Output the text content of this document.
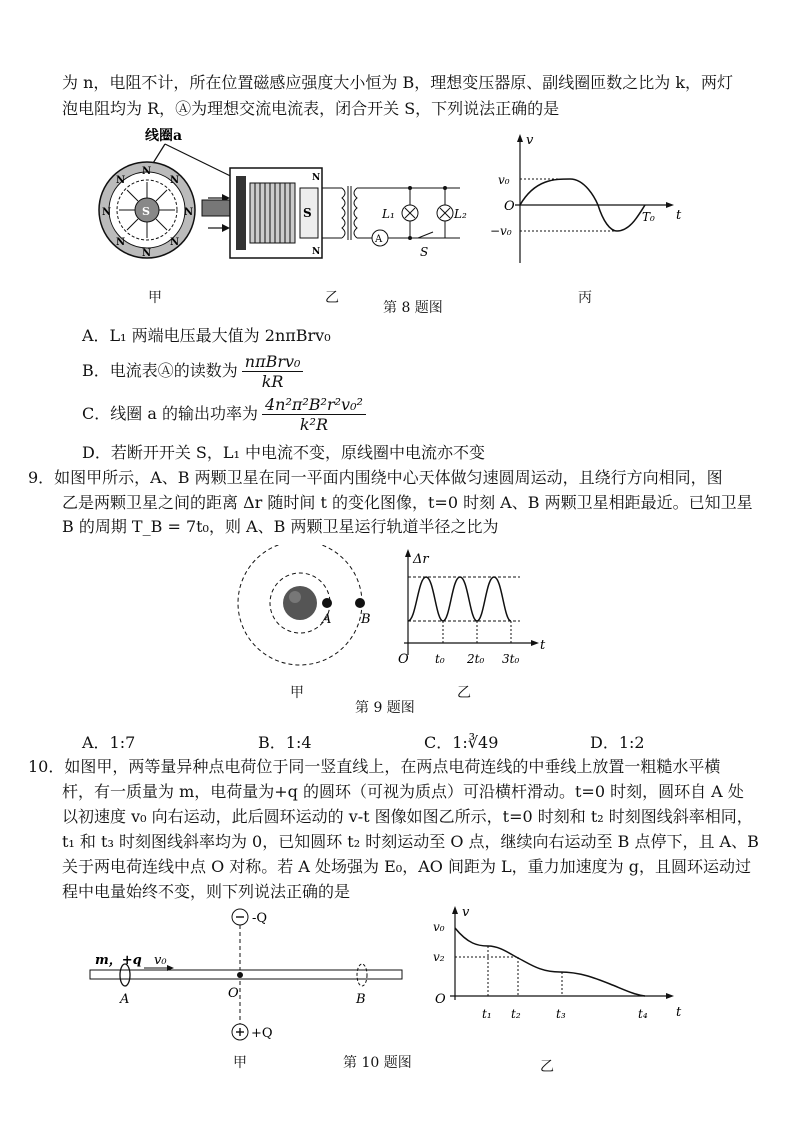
为 n，电阻不计，所在位置磁感应强度大小恒为 B，理想变压器原、副线圈匝数之比为 k，两灯
泡电阻均为 R，Ⓐ为理想交流电流表，闭合开关 S，下列说法正确的是
线圈a
S
N
N
N	N
N	N
N	N
S
N
N
A
L₁	L₂
S
v
t
v₀
−v₀
O
T₀
甲	乙	丙
第 8 题图
A．L₁ 两端电压最大值为 2nπBrv₀
B．电流表Ⓐ的读数为 $\frac{\text{nπBrv₀}}{kR}$
C．线圈 a 的输出功率为 $\frac{\text{4n²π²B²r²v₀²}}{\text{k²R}}$
D．若断开开关 S，L₁ 中电流不变，原线圈中电流亦不变
9．如图甲所示，A、B 两颗卫星在同一平面内围绕中心天体做匀速圆周运动，且绕行方向相同，图
乙是两颗卫星之间的距离 Δr 随时间 t 的变化图像，t=0 时刻 A、B 两颗卫星相距最近。已知卫星
B 的周期 T_B = 7t₀，则 A、B 两颗卫星运行轨道半径之比为
A B
Δr
t
O t₀ 2t₀ 3t₀
甲	乙
第 9 题图
A．1:7	B．1:4	C．1:∛49	D．1:2
10．如图甲，两等量异种点电荷位于同一竖直线上，在两点电荷连线的中垂线上放置一粗糙水平横
杆，有一质量为 m，电荷量为+q 的圆环（可视为质点）可沿横杆滑动。t=0 时刻，圆环自 A 处
以初速度 v₀ 向右运动，此后圆环运动的 v-t 图像如图乙所示，t=0 时刻和 t₂ 时刻图线斜率相同，
t₁ 和 t₃ 时刻图线斜率均为 0，已知圆环 t₂ 时刻运动至 O 点，继续向右运动至 B 点停下，且 A、B
关于两电荷连线中点 O 对称。若 A 处场强为 E₀，AO 间距为 L，重力加速度为 g，且圆环运动过
程中电量始终不变，则下列说法正确的是
-Q
+Q
m，+q v₀
A	O	B
v
t
O
v₀
v₂
t₁ t₂	t₃	t₄
甲	第 10 题图	乙
